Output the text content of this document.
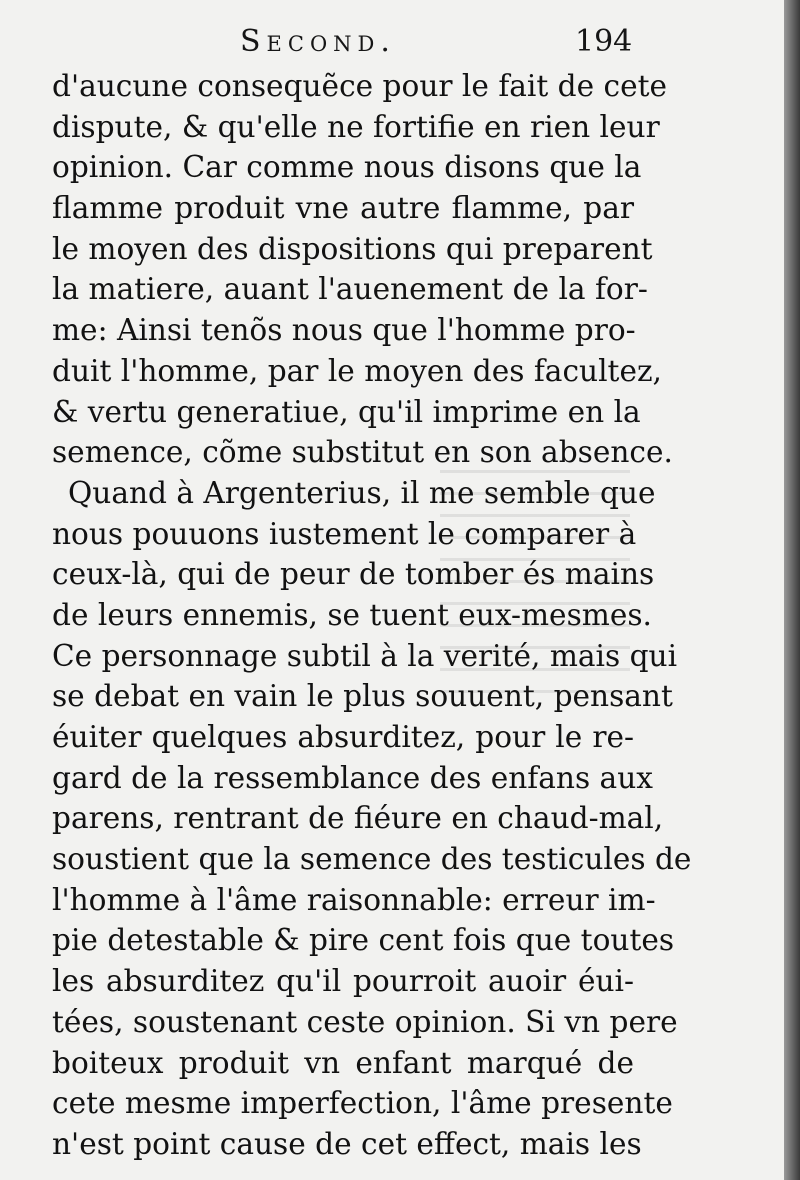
Second.	194
d'aucune consequẽce pour le fait de cete
dispute, & qu'elle ne fortifie en rien leur
opinion. Car comme nous disons que la
flamme produit vne autre flamme, par
le moyen des dispositions qui preparent
la matiere, auant l'auenement de la for-
me: Ainsi tenõs nous que l'homme pro-
duit l'homme, par le moyen des facultez,
& vertu generatiue, qu'il imprime en la
semence, cõme substitut en son absence.
Quand à Argenterius, il me semble que
nous pouuons iustement le comparer à
ceux-là, qui de peur de tomber és mains
de leurs ennemis, se tuent eux-mesmes.
Ce personnage subtil à la verité, mais qui
se debat en vain le plus souuent, pensant
éuiter quelques absurditez, pour le re-
gard de la ressemblance des enfans aux
parens, rentrant de fiéure en chaud-mal,
soustient que la semence des testicules de
l'homme à l'âme raisonnable: erreur im-
pie detestable & pire cent fois que toutes
les absurditez qu'il pourroit auoir éui-
tées, soustenant ceste opinion. Si vn pere
boiteux produit vn enfant marqué de
cete mesme imperfection, l'âme presente
n'est point cause de cet effect, mais les
